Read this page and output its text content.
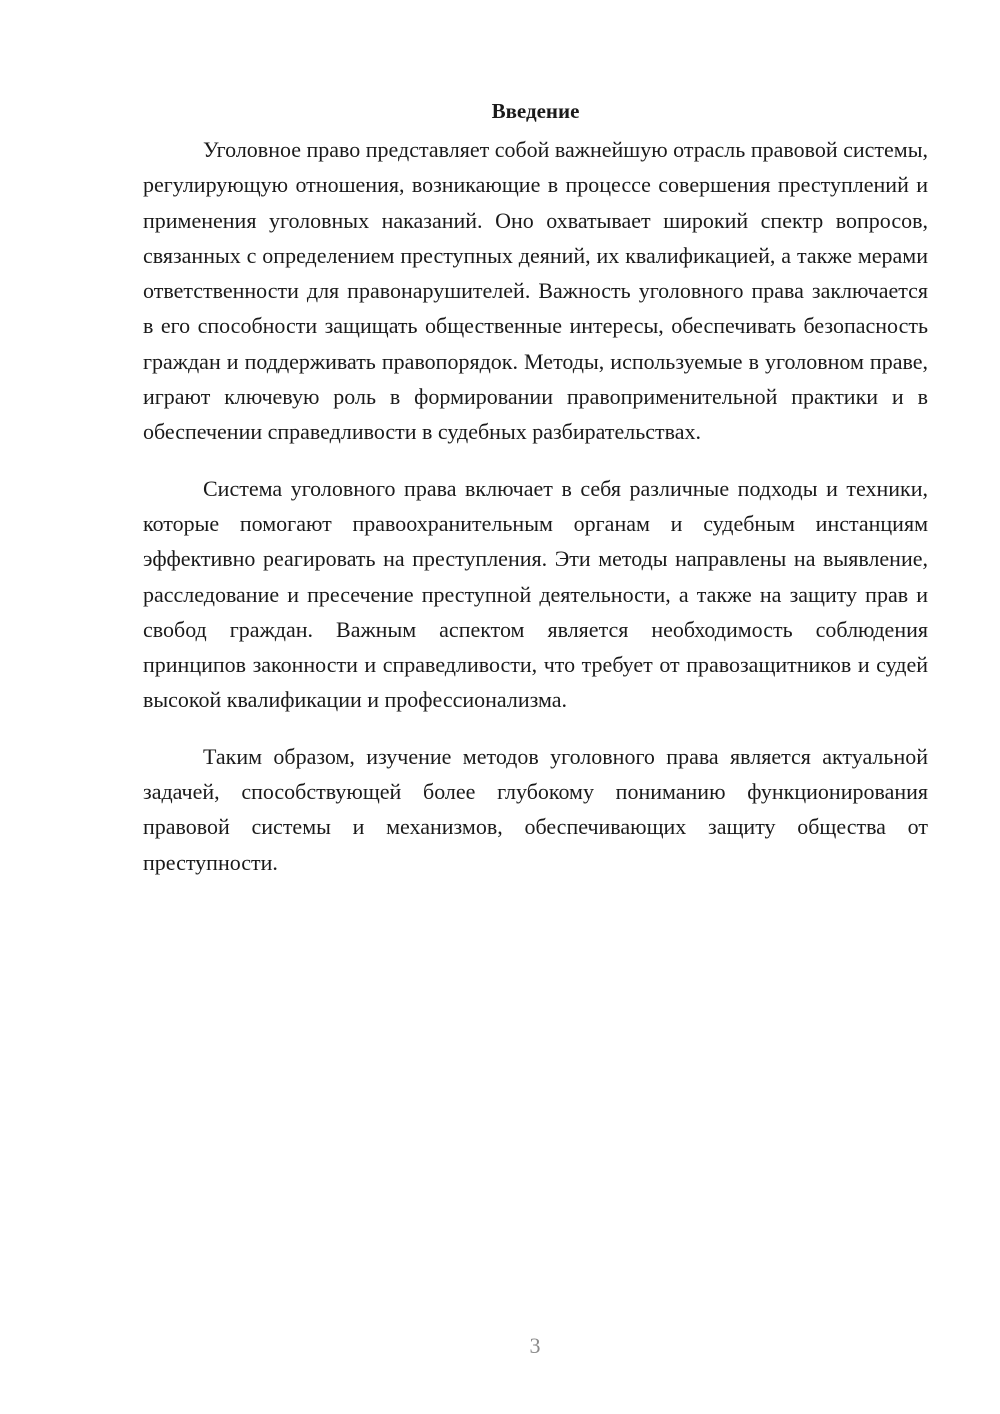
Введение

Уголовное право представляет собой важнейшую отрасль правовой системы, регулирующую отношения, возникающие в процессе совершения преступлений и применения уголовных наказаний. Оно охватывает широкий спектр вопросов, связанных с определением преступных деяний, их квалификацией, а также мерами ответственности для правонарушителей. Важность уголовного права заключается в его способности защищать общественные интересы, обеспечивать безопасность граждан и поддерживать правопорядок. Методы, используемые в уголовном праве, играют ключевую роль в формировании правоприменительной практики и в обеспечении справедливости в судебных разбирательствах.

Система уголовного права включает в себя различные подходы и техники, которые помогают правоохранительным органам и судебным инстанциям эффективно реагировать на преступления. Эти методы направлены на выявление, расследование и пресечение преступной деятельности, а также на защиту прав и свобод граждан. Важным аспектом является необходимость соблюдения принципов законности и справедливости, что требует от правозащитников и судей высокой квалификации и профессионализма.

Таким образом, изучение методов уголовного права является актуальной задачей, способствующей более глубокому пониманию функционирования правовой системы и механизмов, обеспечивающих защиту общества от преступности.

3
